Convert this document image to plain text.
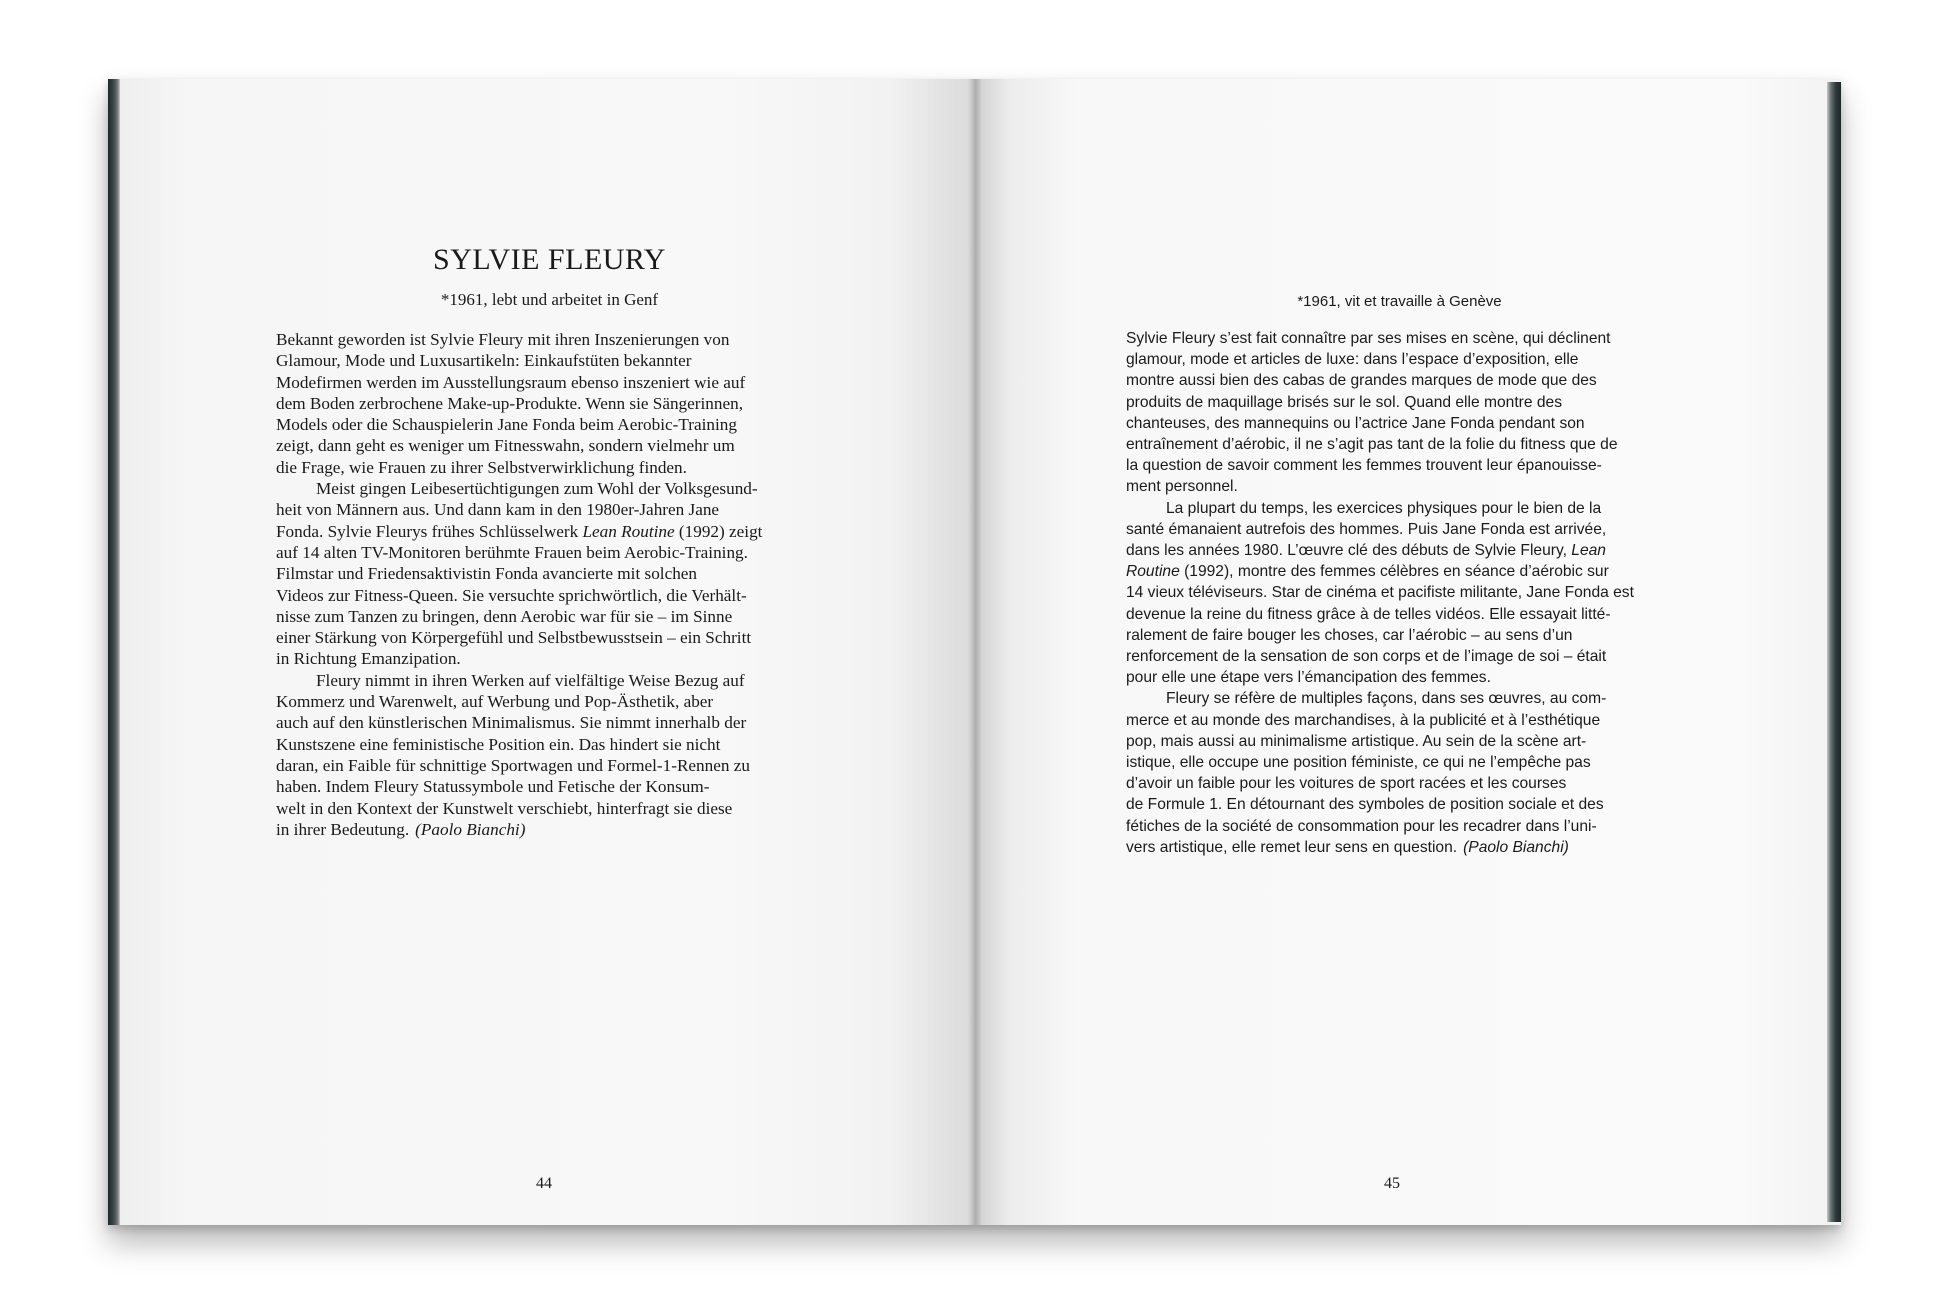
SYLVIE FLEURY
*1961, lebt und arbeitet in Genf

Bekannt geworden ist Sylvie Fleury mit ihren Inszenierungen von
Glamour, Mode und Luxusartikeln: Einkaufstüten bekannter
Modefirmen werden im Ausstellungsraum ebenso inszeniert wie auf
dem Boden zerbrochene Make-up-Produkte. Wenn sie Sängerinnen,
Models oder die Schauspielerin Jane Fonda beim Aerobic-Training
zeigt, dann geht es weniger um Fitnesswahn, sondern vielmehr um
die Frage, wie Frauen zu ihrer Selbstverwirklichung finden.

Meist gingen Leibesertüchtigungen zum Wohl der Volksgesund-
heit von Männern aus. Und dann kam in den 1980er-Jahren Jane
Fonda. Sylvie Fleurys frühes Schlüsselwerk Lean Routine (1992) zeigt
auf 14 alten TV-Monitoren berühmte Frauen beim Aerobic-Training.
Filmstar und Friedensaktivistin Fonda avancierte mit solchen
Videos zur Fitness-Queen. Sie versuchte sprichwörtlich, die Verhält-
nisse zum Tanzen zu bringen, denn Aerobic war für sie – im Sinne
einer Stärkung von Körpergefühl und Selbstbewusstsein – ein Schritt
in Richtung Emanzipation.

Fleury nimmt in ihren Werken auf vielfältige Weise Bezug auf
Kommerz und Warenwelt, auf Werbung und Pop-Ästhetik, aber
auch auf den künstlerischen Minimalismus. Sie nimmt innerhalb der
Kunstszene eine feministische Position ein. Das hindert sie nicht
daran, ein Faible für schnittige Sportwagen und Formel-1-Rennen zu
haben. Indem Fleury Statussymbole und Fetische der Konsum-
welt in den Kontext der Kunstwelt verschiebt, hinterfragt sie diese
in ihrer Bedeutung. (Paolo Bianchi)

44
*1961, vit et travaille à Genève

Sylvie Fleury s’est fait connaître par ses mises en scène, qui déclinent
glamour, mode et articles de luxe: dans l’espace d’exposition, elle
montre aussi bien des cabas de grandes marques de mode que des
produits de maquillage brisés sur le sol. Quand elle montre des
chanteuses, des mannequins ou l’actrice Jane Fonda pendant son
entraînement d’aérobic, il ne s’agit pas tant de la folie du fitness que de
la question de savoir comment les femmes trouvent leur épanouisse-
ment personnel.

La plupart du temps, les exercices physiques pour le bien de la
santé émanaient autrefois des hommes. Puis Jane Fonda est arrivée,
dans les années 1980. L’œuvre clé des débuts de Sylvie Fleury, Lean
Routine (1992), montre des femmes célèbres en séance d’aérobic sur
14 vieux téléviseurs. Star de cinéma et pacifiste militante, Jane Fonda est
devenue la reine du fitness grâce à de telles vidéos. Elle essayait litté-
ralement de faire bouger les choses, car l’aérobic – au sens d’un
renforcement de la sensation de son corps et de l’image de soi – était
pour elle une étape vers l’émancipation des femmes.

Fleury se réfère de multiples façons, dans ses œuvres, au com-
merce et au monde des marchandises, à la publicité et à l’esthétique
pop, mais aussi au minimalisme artistique. Au sein de la scène art-
istique, elle occupe une position féministe, ce qui ne l’empêche pas
d’avoir un faible pour les voitures de sport racées et les courses
de Formule 1. En détournant des symboles de position sociale et des
fétiches de la société de consommation pour les recadrer dans l’uni-
vers artistique, elle remet leur sens en question. (Paolo Bianchi)

45
